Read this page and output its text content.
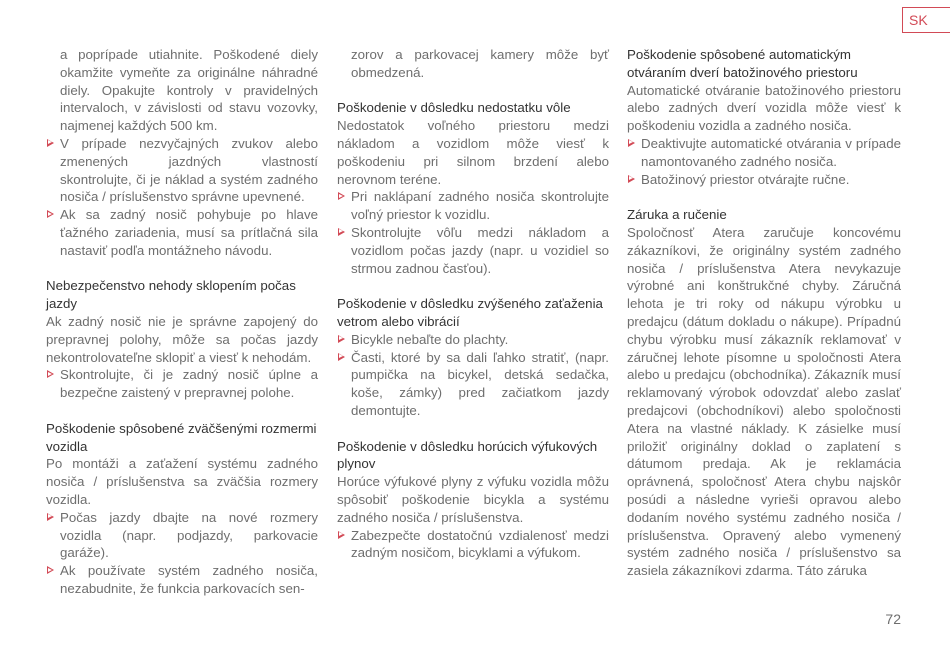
SK

a poprípade utiahnite. Poškodené diely okamžite vymeňte za originálne náhradné diely. Opakujte kontroly v pravidelných intervaloch, v závislosti od stavu vozovky, najmenej každých 500 km.

V prípade nezvyčajných zvukov alebo zmenených jazdných vlastností skontrolujte, či je náklad a systém zadného nosiča / príslušenstvo správne upevnené.
Ak sa zadný nosič pohybuje po hlave ťažného zariadenia, musí sa prítlačná sila nastaviť podľa montážneho návodu.

Nebezpečenstvo nehody sklopením počas jazdy

Ak zadný nosič nie je správne zapojený do prepravnej polohy, môže sa počas jazdy nekontrolovateľne sklopiť a viesť k nehodám.

Skontrolujte, či je zadný nosič úplne a bezpečne zaistený v prepravnej polohe.

Poškodenie spôsobené zväčšenými rozmermi vozidla

Po montáži a zaťažení systému zadného nosiča / príslušenstva sa zväčšia rozmery vozidla.

Počas jazdy dbajte na nové rozmery vozidla (napr. podjazdy, parkovacie garáže).
Ak používate systém zadného nosiča, nezabudnite, že funkcia parkovacích sen-

zorov a parkovacej kamery môže byť obmedzená.

Poškodenie v dôsledku nedostatku vôle

Nedostatok voľného priestoru medzi nákladom a vozidlom môže viesť k poškodeniu pri silnom brzdení alebo nerovnom teréne.

Pri naklápaní zadného nosiča skontrolujte voľný priestor k vozidlu.
Skontrolujte vôľu medzi nákladom a vozidlom počas jazdy (napr. u vozidiel so strmou zadnou časťou).

Poškodenie v dôsledku zvýšeného zaťaženia vetrom alebo vibrácií

Bicykle nebaľte do plachty.
Časti, ktoré by sa dali ľahko stratiť, (napr. pumpička na bicykel, detská sedačka, koše, zámky) pred začiatkom jazdy demontujte.

Poškodenie v dôsledku horúcich výfukových plynov

Horúce výfukové plyny z výfuku vozidla môžu spôsobiť poškodenie bicykla a systému zadného nosiča / príslušenstva.

Zabezpečte dostatočnú vzdialenosť medzi zadným nosičom, bicyklami a výfukom.

Poškodenie spôsobené automatickým otváraním dverí batožinového priestoru

Automatické otváranie batožinového priestoru alebo zadných dverí vozidla môže viesť k poškodeniu vozidla a zadného nosiča.

Deaktivujte automatické otvárania v prípade namontovaného zadného nosiča.
Batožinový priestor otvárajte ručne.

Záruka a ručenie

Spoločnosť Atera zaručuje koncovému zákazníkovi, že originálny systém zadného nosiča / príslušenstva Atera nevykazuje výrobné ani konštrukčné chyby. Záručná lehota je tri roky od nákupu výrobku u predajcu (dátum dokladu o nákupe). Prípadnú chybu výrobku musí zákazník reklamovať v záručnej lehote písomne u spoločnosti Atera alebo u predajcu (obchodníka). Zákazník musí reklamovaný výrobok odovzdať alebo zaslať predajcovi (obchodníkovi) alebo spoločnosti Atera na vlastné náklady. K zásielke musí priložiť originálny doklad o zaplatení s dátumom predaja. Ak je reklamácia oprávnená, spoločnosť Atera chybu najskôr posúdi a následne vyrieši opravou alebo dodaním nového systému zadného nosiča / príslušenstva. Opravený alebo vymenený systém zadného nosiča / príslušenstvo sa zasiela zákazníkovi zdarma. Táto záruka

72
